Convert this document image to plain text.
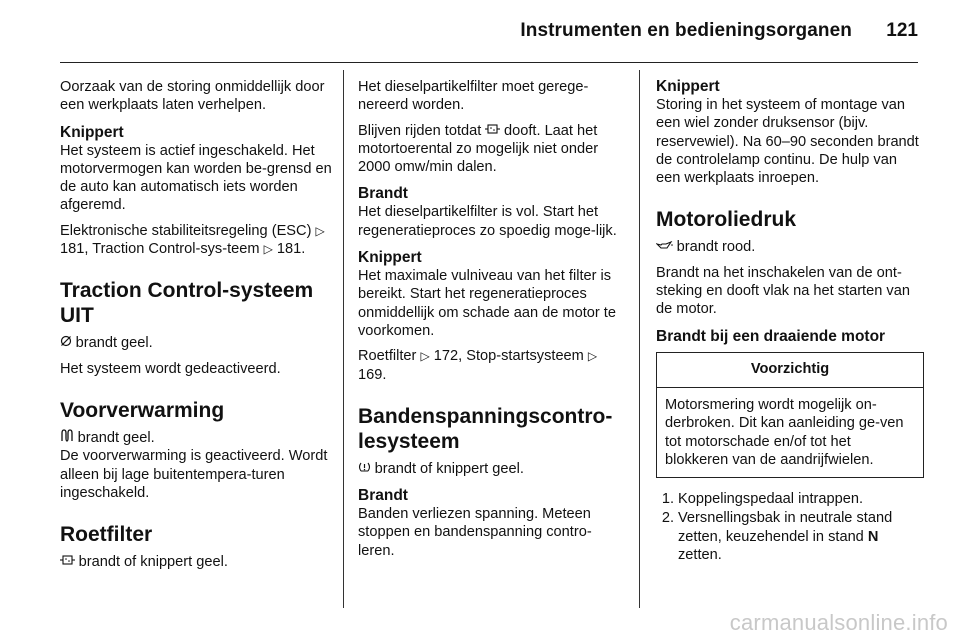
Instrumenten en bedieningsorganen 121

Oorzaak van de storing onmiddellijk door een werkplaats laten verhelpen.

Knippert

Het systeem is actief ingeschakeld. Het motorvermogen kan worden be-grensd en de auto kan automatisch iets worden afgeremd.

Elektronische stabiliteitsregeling (ESC) ▷ 181, Traction Control-sys-teem ▷ 181.

Traction Control-systeem UIT

brandt geel.

Het systeem wordt gedeactiveerd.

Voorverwarming

brandt geel.

De voorverwarming is geactiveerd. Wordt alleen bij lage buitentempera-turen ingeschakeld.

Roetfilter

brandt of knippert geel.

Het dieselpartikelfilter moet gerege-nereerd worden.

Blijven rijden totdat dooft. Laat het motortoerental zo mogelijk niet onder 2000 omw/min dalen.

Brandt

Het dieselpartikelfilter is vol. Start het regeneratieproces zo spoedig moge-lijk.

Knippert

Het maximale vulniveau van het filter is bereikt. Start het regeneratieproces onmiddellijk om schade aan de motor te voorkomen.

Roetfilter ▷ 172, Stop-startsysteem ▷ 169.

Bandenspanningscontro-lesysteem

brandt of knippert geel.

Brandt

Banden verliezen spanning. Meteen stoppen en bandenspanning contro-leren.

Knippert

Storing in het systeem of montage van een wiel zonder druksensor (bijv. reservewiel). Na 60–90 seconden brandt de controlelamp continu. De hulp van een werkplaats inroepen.

Motoroliedruk

brandt rood.

Brandt na het inschakelen van de ont-steking en dooft vlak na het starten van de motor.

Brandt bij een draaiende motor
Voorzichtig
Motorsmering wordt mogelijk on-derbroken. Dit kan aanleiding ge-ven tot motorschade en/of tot het blokkeren van de aandrijfwielen.
1. Koppelingspedaal intrappen.
2. Versnellingsbak in neutrale stand zetten, keuzehendel in stand N zetten.
carmanualsonline.info
